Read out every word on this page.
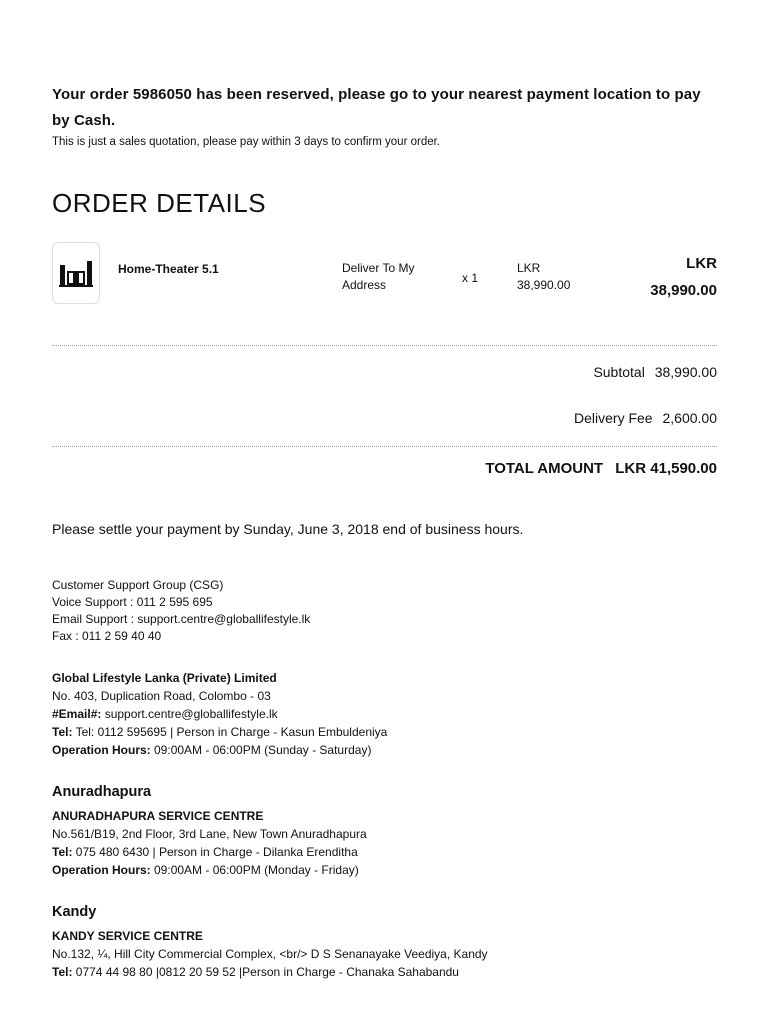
Your order 5986050 has been reserved, please go to your nearest payment location to pay by Cash.
This is just a sales quotation, please pay within 3 days to confirm your order.
ORDER DETAILS
Home-Theater 5.1	Deliver To My Address	x 1
LKR
38,990.00
LKR
38,990.00
Subtotal 38,990.00
Delivery Fee 2,600.00
TOTAL AMOUNT LKR 41,590.00
Please settle your payment by Sunday, June 3, 2018 end of business hours.
Customer Support Group (CSG)
Voice Support : 011 2 595 695
Email Support : support.centre@globallifestyle.lk
Fax : 011 2 59 40 40
Global Lifestyle Lanka (Private) Limited
No. 403, Duplication Road, Colombo - 03
#Email#: support.centre@globallifestyle.lk
Tel: Tel: 0112 595695 | Person in Charge - Kasun Embuldeniya
Operation Hours: 09:00AM - 06:00PM (Sunday - Saturday)
Anuradhapura
ANURADHAPURA SERVICE CENTRE
No.561/B19, 2nd Floor, 3rd Lane, New Town Anuradhapura
Tel: 075 480 6430 | Person in Charge - Dilanka Erenditha
Operation Hours: 09:00AM - 06:00PM (Monday - Friday)
Kandy
KANDY SERVICE CENTRE
No.132, ¼, Hill City Commercial Complex, <br/> D S Senanayake Veediya, Kandy
Tel: 0774 44 98 80 |0812 20 59 52 |Person in Charge - Chanaka Sahabandu
